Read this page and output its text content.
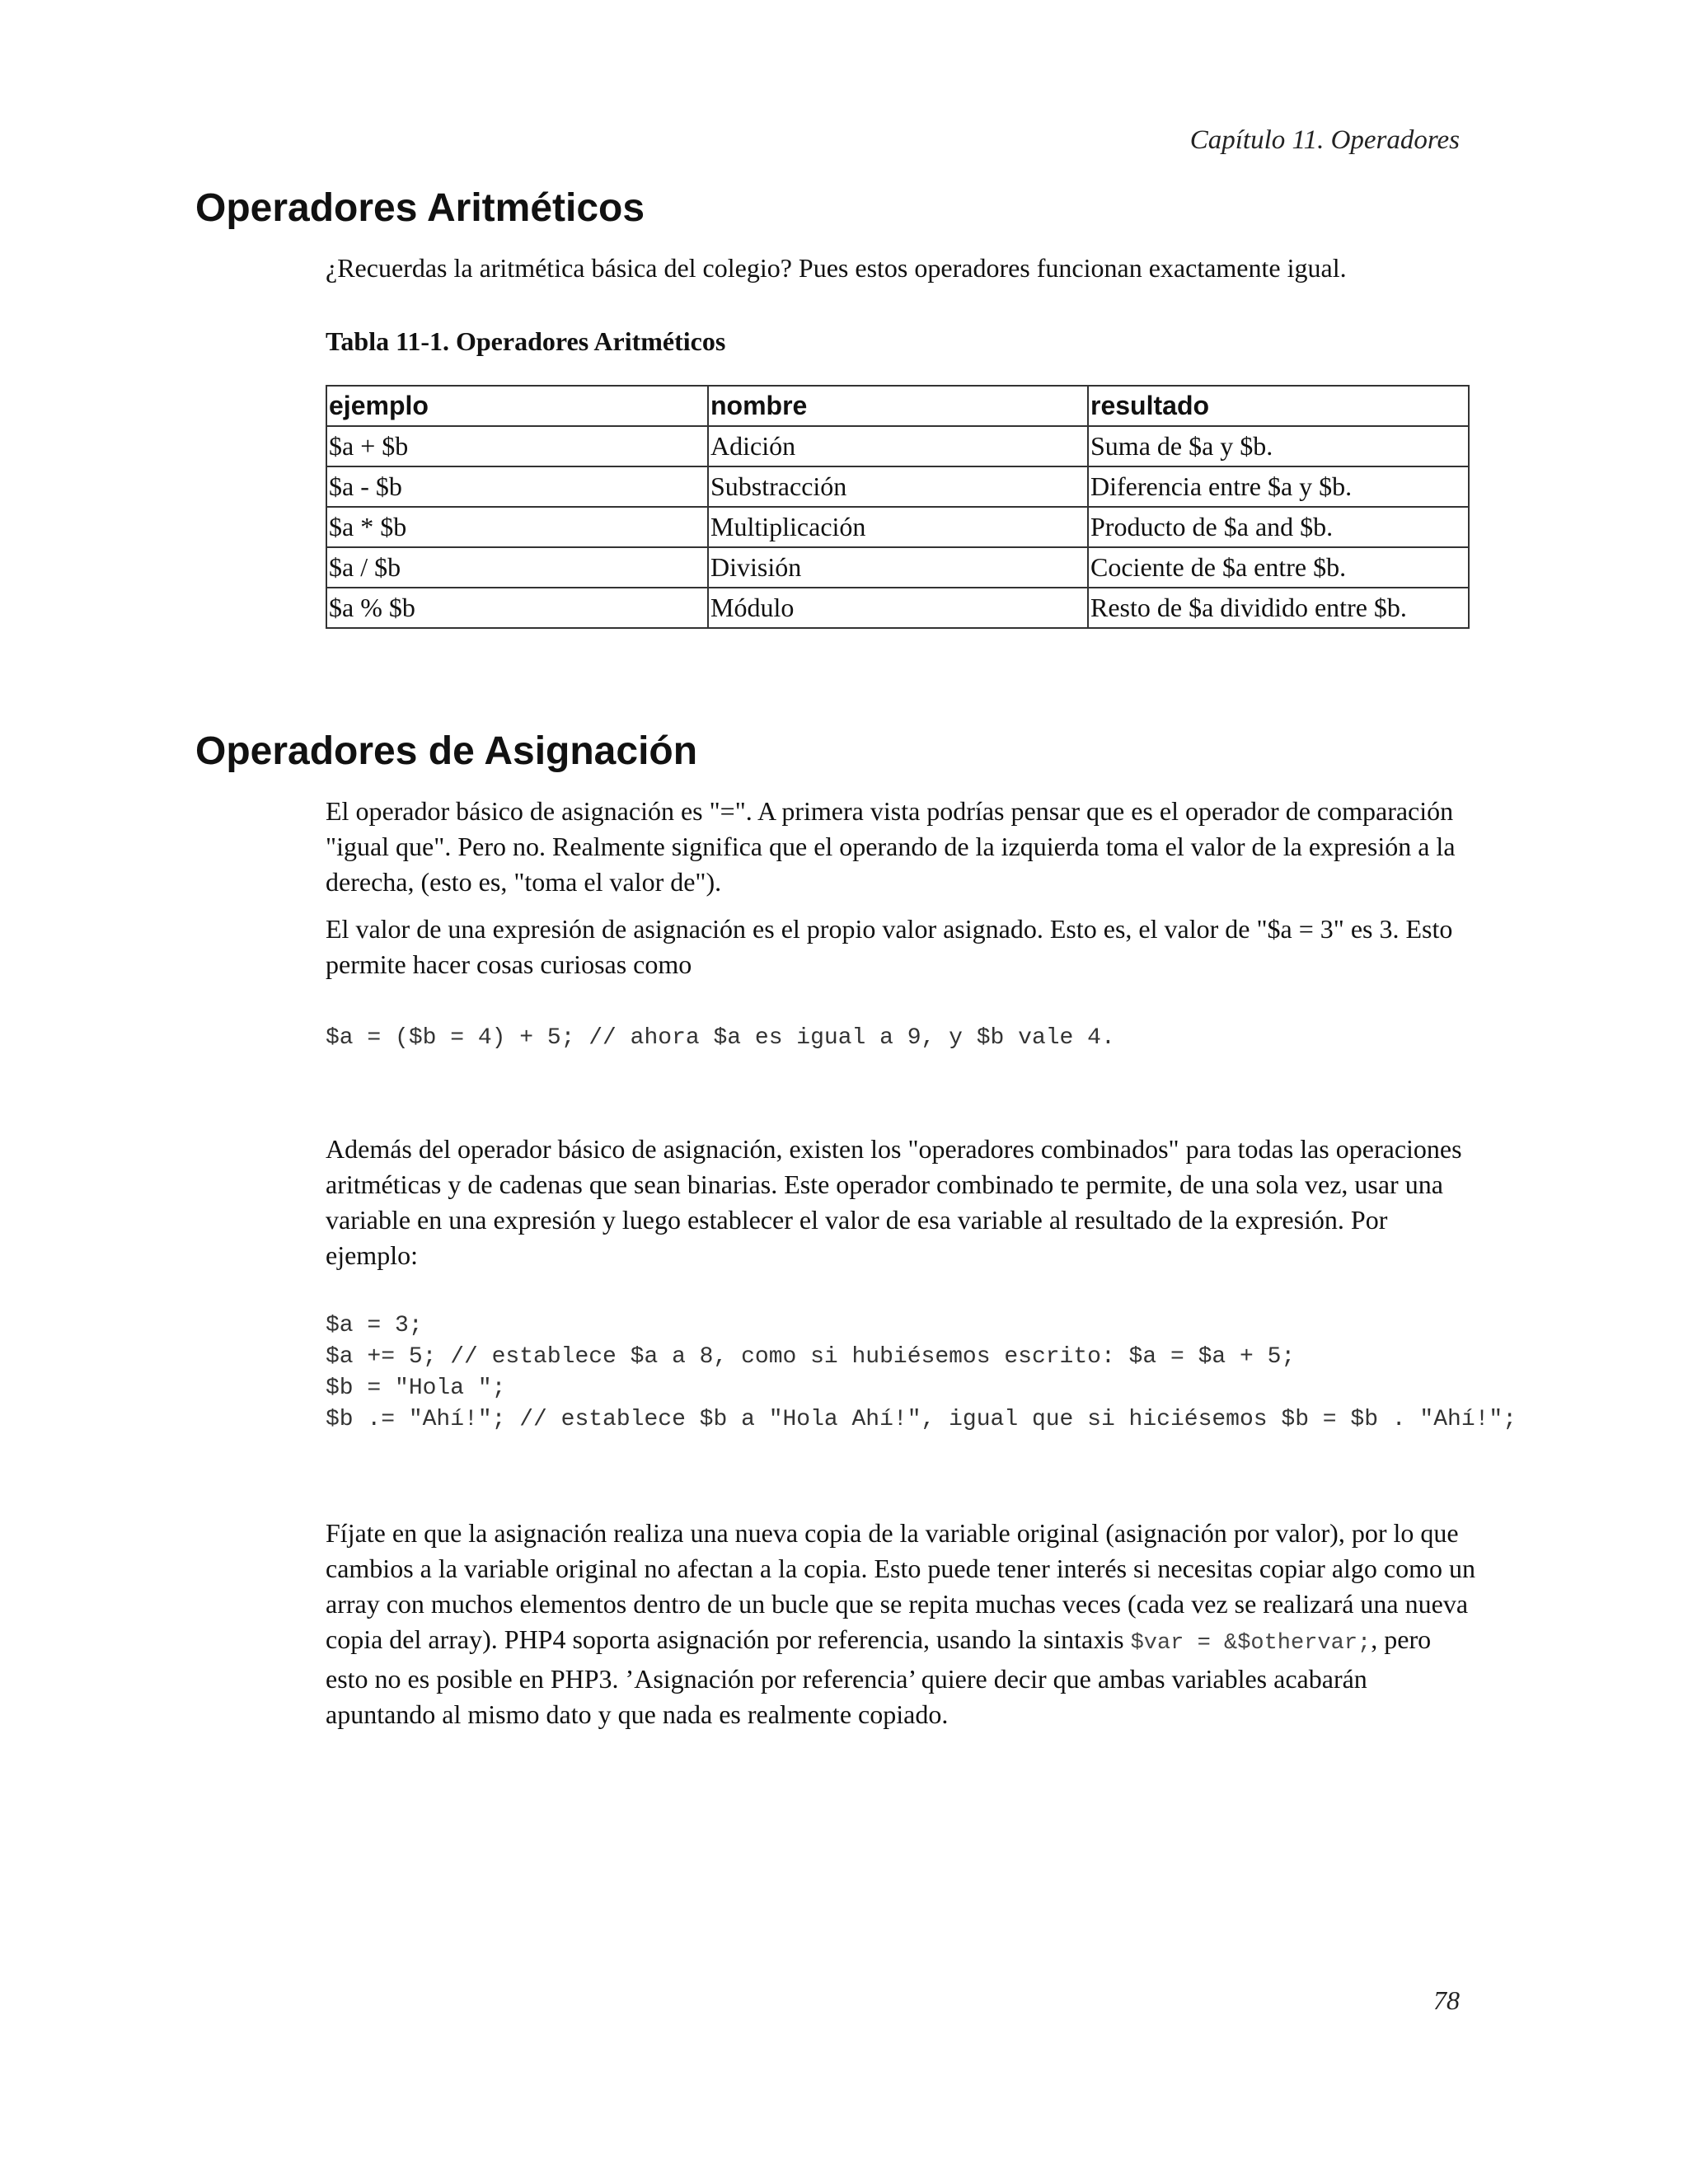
Capítulo 11. Operadores
Operadores Aritméticos

¿Recuerdas la aritmética básica del colegio? Pues estos operadores funcionan exactamente igual.

Tabla 11-1. Operadores Aritméticos

ejemplo	nombre	resultado
$a + $b	Adición	Suma de $a y $b.
$a - $b	Substracción	Diferencia entre $a y $b.
$a * $b	Multiplicación	Producto de $a and $b.
$a / $b	División	Cociente de $a entre $b.
$a % $b	Módulo	Resto de $a dividido entre $b.
Operadores de Asignación

El operador básico de asignación es "=". A primera vista podrías pensar que es el operador de comparación "igual que". Pero no. Realmente significa que el operando de la izquierda toma el valor de la expresión a la derecha, (esto es, "toma el valor de").

El valor de una expresión de asignación es el propio valor asignado. Esto es, el valor de "$a = 3" es 3. Esto permite hacer cosas curiosas como

$a = ($b = 4) + 5; // ahora $a es igual a 9, y $b vale 4.

Además del operador básico de asignación, existen los "operadores combinados" para todas las operaciones aritméticas y de cadenas que sean binarias. Este operador combinado te permite, de una sola vez, usar una variable en una expresión y luego establecer el valor de esa variable al resultado de la expresión. Por ejemplo:

$a = 3;
$a += 5; // establece $a a 8, como si hubiésemos escrito: $a = $a + 5;
$b = "Hola ";
$b .= "Ahí!"; // establece $b a "Hola Ahí!", igual que si hiciésemos $b = $b . "Ahí!";

Fíjate en que la asignación realiza una nueva copia de la variable original (asignación por valor), por lo que cambios a la variable original no afectan a la copia. Esto puede tener interés si necesitas copiar algo como un array con muchos elementos dentro de un bucle que se repita muchas veces (cada vez se realizará una nueva copia del array). PHP4 soporta asignación por referencia, usando la sintaxis $var = &$othervar;, pero esto no es posible en PHP3. ’Asignación por referencia’ quiere decir que ambas variables acabarán apuntando al mismo dato y que nada es realmente copiado.

78
